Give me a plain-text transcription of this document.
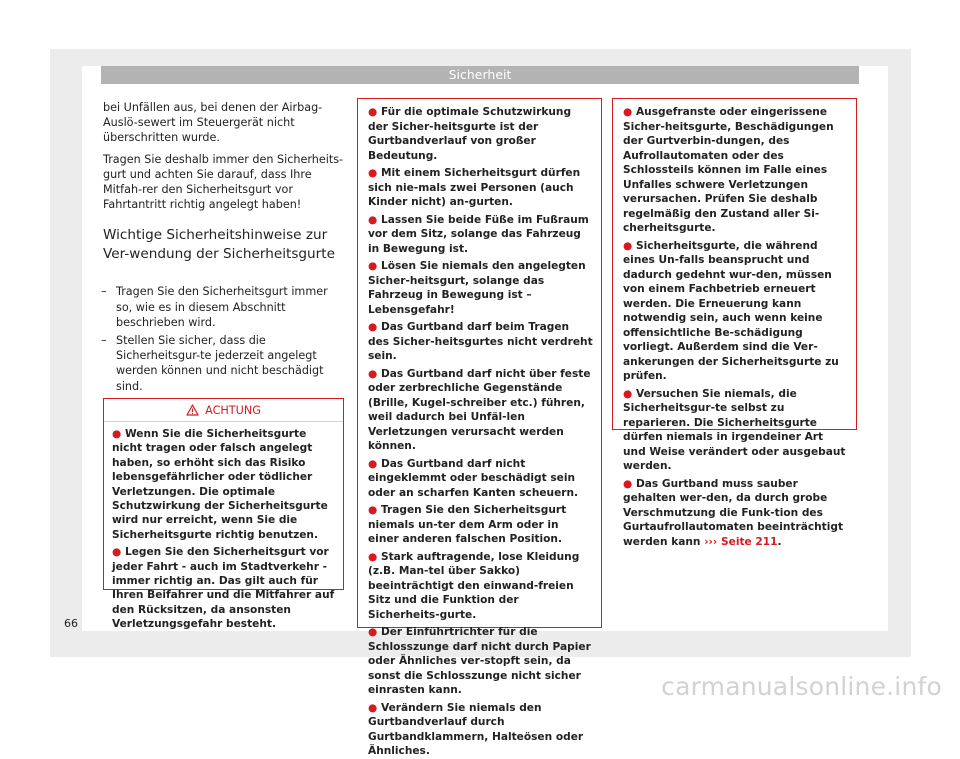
Sicherheit

bei Unfällen aus, bei denen der Airbag-Auslö-sewert im Steuergerät nicht überschritten wurde.

Tragen Sie deshalb immer den Sicherheits-gurt und achten Sie darauf, dass Ihre Mitfah-rer den Sicherheitsgurt vor Fahrtantritt richtig angelegt haben!

Wichtige Sicherheitshinweise zur Ver-wendung der Sicherheitsgurte
– Tragen Sie den Sicherheitsgurt immer so, wie es in diesem Abschnitt beschrieben wird.
– Stellen Sie sicher, dass die Sicherheitsgur-te jederzeit angelegt werden können und nicht beschädigt sind.
ACHTUNG
● Wenn Sie die Sicherheitsgurte nicht tragen oder falsch angelegt haben, so erhöht sich das Risiko lebensgefährlicher oder tödlicher Verletzungen. Die optimale Schutzwirkung der Sicherheitsgurte wird nur erreicht, wenn Sie die Sicherheitsgurte richtig benutzen.
● Legen Sie den Sicherheitsgurt vor jeder Fahrt - auch im Stadtverkehr - immer richtig an. Das gilt auch für Ihren Beifahrer und die Mitfahrer auf den Rücksitzen, da ansonsten Verletzungsgefahr besteht.
● Für die optimale Schutzwirkung der Sicher-heitsgurte ist der Gurtbandverlauf von großer Bedeutung.
● Mit einem Sicherheitsgurt dürfen sich nie-mals zwei Personen (auch Kinder nicht) an-gurten.
● Lassen Sie beide Füße im Fußraum vor dem Sitz, solange das Fahrzeug in Bewegung ist.
● Lösen Sie niemals den angelegten Sicher-heitsgurt, solange das Fahrzeug in Bewegung ist – Lebensgefahr!
● Das Gurtband darf beim Tragen des Sicher-heitsgurtes nicht verdreht sein.
● Das Gurtband darf nicht über feste oder zerbrechliche Gegenstände (Brille, Kugel-schreiber etc.) führen, weil dadurch bei Unfäl-len Verletzungen verursacht werden können.
● Das Gurtband darf nicht eingeklemmt oder beschädigt sein oder an scharfen Kanten scheuern.
● Tragen Sie den Sicherheitsgurt niemals un-ter dem Arm oder in einer anderen falschen Position.
● Stark auftragende, lose Kleidung (z.B. Man-tel über Sakko) beeinträchtigt den einwand-freien Sitz und die Funktion der Sicherheits-gurte.
● Der Einführtrichter für die Schlosszunge darf nicht durch Papier oder Ähnliches ver-stopft sein, da sonst die Schlosszunge nicht sicher einrasten kann.
● Verändern Sie niemals den Gurtbandverlauf durch Gurtbandklammern, Halteösen oder Ähnliches.
● Ausgefranste oder eingerissene Sicher-heitsgurte, Beschädigungen der Gurtverbin-dungen, des Aufrollautomaten oder des Schlossteils können im Falle eines Unfalles schwere Verletzungen verursachen. Prüfen Sie deshalb regelmäßig den Zustand aller Si-cherheitsgurte.
● Sicherheitsgurte, die während eines Un-falls beansprucht und dadurch gedehnt wur-den, müssen von einem Fachbetrieb erneuert werden. Die Erneuerung kann notwendig sein, auch wenn keine offensichtliche Be-schädigung vorliegt. Außerdem sind die Ver-ankerungen der Sicherheitsgurte zu prüfen.
● Versuchen Sie niemals, die Sicherheitsgur-te selbst zu reparieren. Die Sicherheitsgurte dürfen niemals in irgendeiner Art und Weise verändert oder ausgebaut werden.
● Das Gurtband muss sauber gehalten wer-den, da durch grobe Verschmutzung die Funk-tion des Gurtaufrollautomaten beeinträchtigt werden kann ››› Seite 211.
66
carmanualsonline.info
